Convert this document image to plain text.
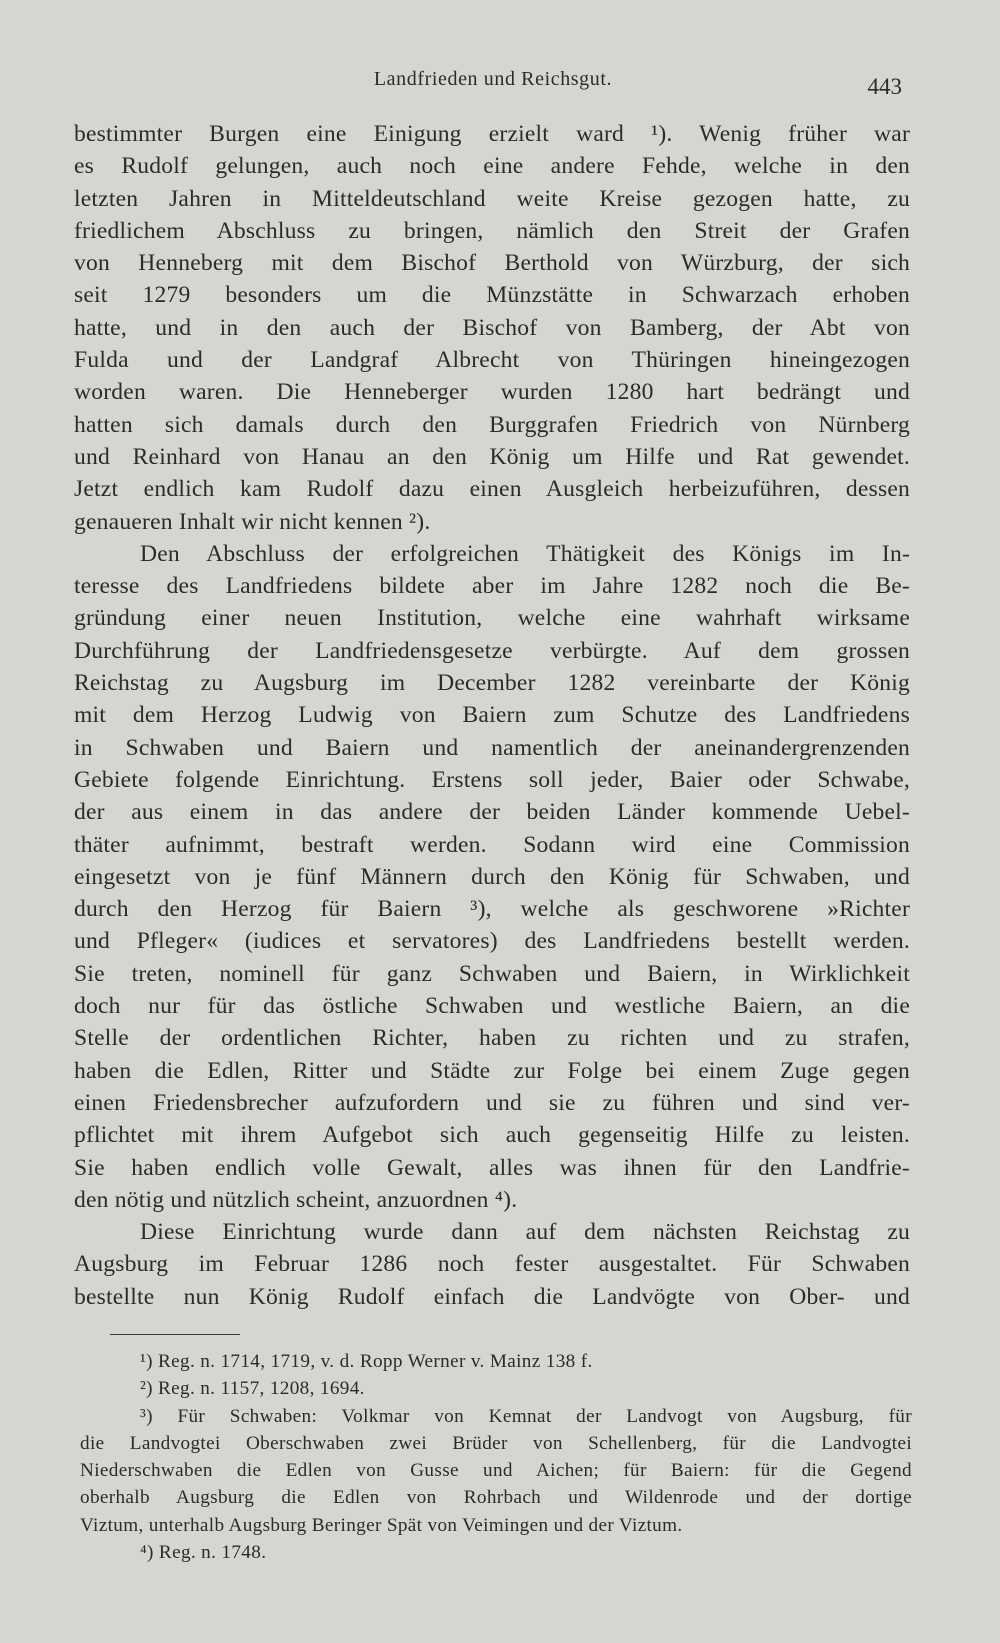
Landfrieden und Reichsgut.	443
bestimmter Burgen eine Einigung erzielt ward ¹). Wenig früher war
es Rudolf gelungen, auch noch eine andere Fehde, welche in den
letzten Jahren in Mitteldeutschland weite Kreise gezogen hatte, zu
friedlichem Abschluss zu bringen, nämlich den Streit der Grafen
von Henneberg mit dem Bischof Berthold von Würzburg, der sich
seit 1279 besonders um die Münzstätte in Schwarzach erhoben
hatte, und in den auch der Bischof von Bamberg, der Abt von
Fulda und der Landgraf Albrecht von Thüringen hineingezogen
worden waren. Die Henneberger wurden 1280 hart bedrängt und
hatten sich damals durch den Burggrafen Friedrich von Nürnberg
und Reinhard von Hanau an den König um Hilfe und Rat gewendet.
Jetzt endlich kam Rudolf dazu einen Ausgleich herbeizuführen, dessen
genaueren Inhalt wir nicht kennen ²).
Den Abschluss der erfolgreichen Thätigkeit des Königs im In-
teresse des Landfriedens bildete aber im Jahre 1282 noch die Be-
gründung einer neuen Institution, welche eine wahrhaft wirksame
Durchführung der Landfriedensgesetze verbürgte. Auf dem grossen
Reichstag zu Augsburg im December 1282 vereinbarte der König
mit dem Herzog Ludwig von Baiern zum Schutze des Landfriedens
in Schwaben und Baiern und namentlich der aneinandergrenzenden
Gebiete folgende Einrichtung. Erstens soll jeder, Baier oder Schwabe,
der aus einem in das andere der beiden Länder kommende Uebel-
thäter aufnimmt, bestraft werden. Sodann wird eine Commission
eingesetzt von je fünf Männern durch den König für Schwaben, und
durch den Herzog für Baiern ³), welche als geschworene »Richter
und Pfleger« (iudices et servatores) des Landfriedens bestellt werden.
Sie treten, nominell für ganz Schwaben und Baiern, in Wirklichkeit
doch nur für das östliche Schwaben und westliche Baiern, an die
Stelle der ordentlichen Richter, haben zu richten und zu strafen,
haben die Edlen, Ritter und Städte zur Folge bei einem Zuge gegen
einen Friedensbrecher aufzufordern und sie zu führen und sind ver-
pflichtet mit ihrem Aufgebot sich auch gegenseitig Hilfe zu leisten.
Sie haben endlich volle Gewalt, alles was ihnen für den Landfrie-
den nötig und nützlich scheint, anzuordnen ⁴).
Diese Einrichtung wurde dann auf dem nächsten Reichstag zu
Augsburg im Februar 1286 noch fester ausgestaltet. Für Schwaben
bestellte nun König Rudolf einfach die Landvögte von Ober- und
¹) Reg. n. 1714, 1719, v. d. Ropp Werner v. Mainz 138 f.
²) Reg. n. 1157, 1208, 1694.
³) Für Schwaben: Volkmar von Kemnat der Landvogt von Augsburg, für
die Landvogtei Oberschwaben zwei Brüder von Schellenberg, für die Landvogtei
Niederschwaben die Edlen von Gusse und Aichen; für Baiern: für die Gegend
oberhalb Augsburg die Edlen von Rohrbach und Wildenrode und der dortige
Viztum, unterhalb Augsburg Beringer Spät von Veimingen und der Viztum.
⁴) Reg. n. 1748.
